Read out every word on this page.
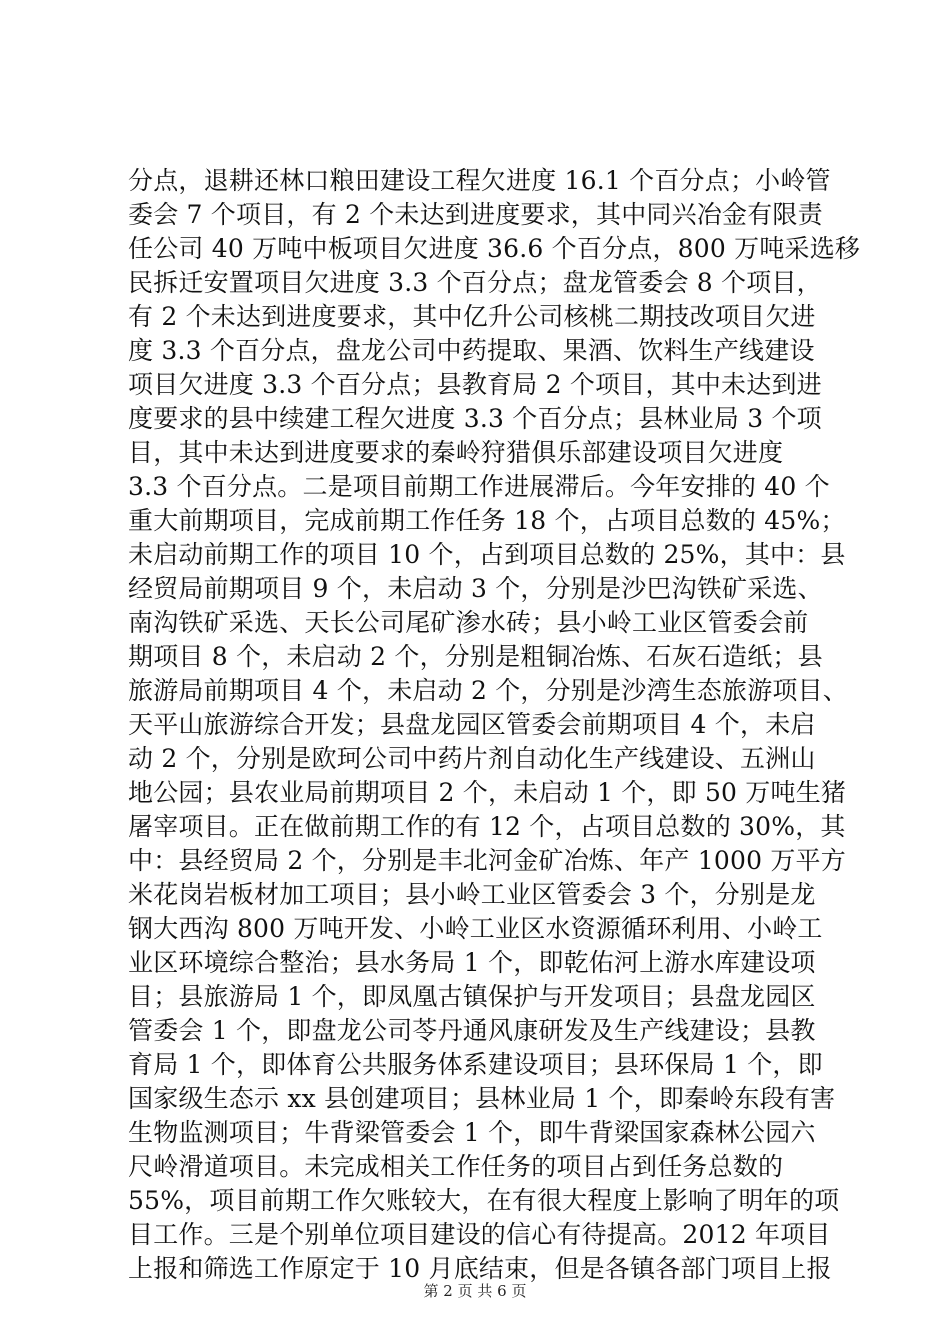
分点，退耕还林口粮田建设工程欠进度 16.1 个百分点；小岭管
委会 7 个项目，有 2 个未达到进度要求，其中同兴冶金有限责
任公司 40 万吨中板项目欠进度 36.6 个百分点，800 万吨采选移
民拆迁安置项目欠进度 3.3 个百分点；盘龙管委会 8 个项目，
有 2 个未达到进度要求，其中亿升公司核桃二期技改项目欠进
度 3.3 个百分点，盘龙公司中药提取、果酒、饮料生产线建设
项目欠进度 3.3 个百分点；县教育局 2 个项目，其中未达到进
度要求的县中续建工程欠进度 3.3 个百分点；县林业局 3 个项
目，其中未达到进度要求的秦岭狩猎俱乐部建设项目欠进度
3.3 个百分点。二是项目前期工作进展滞后。今年安排的 40 个
重大前期项目，完成前期工作任务 18 个，占项目总数的 45%；
未启动前期工作的项目 10 个，占到项目总数的 25%，其中：县
经贸局前期项目 9 个，未启动 3 个，分别是沙巴沟铁矿采选、
南沟铁矿采选、天长公司尾矿渗水砖；县小岭工业区管委会前
期项目 8 个，未启动 2 个，分别是粗铜冶炼、石灰石造纸；县
旅游局前期项目 4 个，未启动 2 个，分别是沙湾生态旅游项目、
天平山旅游综合开发；县盘龙园区管委会前期项目 4 个，未启
动 2 个，分别是欧珂公司中药片剂自动化生产线建设、五洲山
地公园；县农业局前期项目 2 个，未启动 1 个，即 50 万吨生猪
屠宰项目。正在做前期工作的有 12 个，占项目总数的 30%，其
中：县经贸局 2 个，分别是丰北河金矿冶炼、年产 1000 万平方
米花岗岩板材加工项目；县小岭工业区管委会 3 个，分别是龙
钢大西沟 800 万吨开发、小岭工业区水资源循环利用、小岭工
业区环境综合整治；县水务局 1 个，即乾佑河上游水库建设项
目；县旅游局 1 个，即凤凰古镇保护与开发项目；县盘龙园区
管委会 1 个，即盘龙公司苓丹通风康研发及生产线建设；县教
育局 1 个，即体育公共服务体系建设项目；县环保局 1 个，即
国家级生态示 xx 县创建项目；县林业局 1 个，即秦岭东段有害
生物监测项目；牛背梁管委会 1 个，即牛背梁国家森林公园六
尺岭滑道项目。未完成相关工作任务的项目占到任务总数的
55%，项目前期工作欠账较大，在有很大程度上影响了明年的项
目工作。三是个别单位项目建设的信心有待提高。2012 年项目
上报和筛选工作原定于 10 月底结束，但是各镇各部门项目上报
第 2 页 共 6 页
